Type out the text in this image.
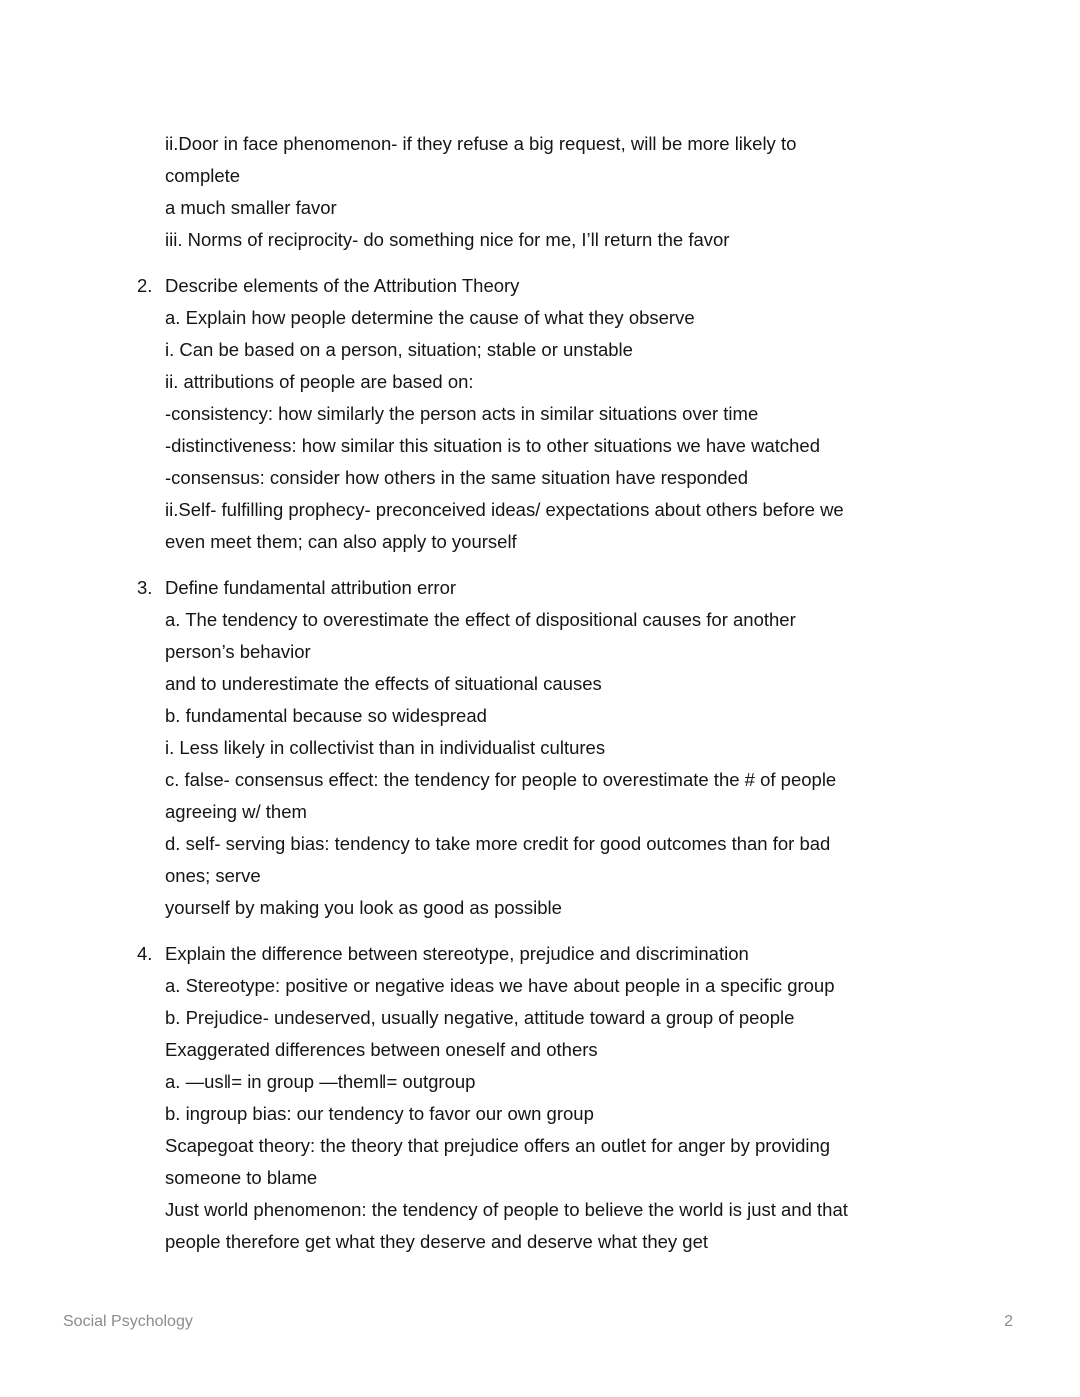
ii.Door in face phenomenon- if they refuse a big request, will be more likely to
complete
a much smaller favor
iii. Norms of reciprocity- do something nice for me, I’ll return the favor
2. Describe elements of the Attribution Theory
a. Explain how people determine the cause of what they observe
i. Can be based on a person, situation; stable or unstable
ii. attributions of people are based on:
-consistency: how similarly the person acts in similar situations over time
-distinctiveness: how similar this situation is to other situations we have watched
-consensus: consider how others in the same situation have responded
ii.Self- fulfilling prophecy- preconceived ideas/ expectations about others before we
even meet them; can also apply to yourself
3. Define fundamental attribution error
a. The tendency to overestimate the effect of dispositional causes for another
person’s behavior
and to underestimate the effects of situational causes
b. fundamental because so widespread
i. Less likely in collectivist than in individualist cultures
c. false- consensus effect: the tendency for people to overestimate the # of people
agreeing w/ them
d. self- serving bias: tendency to take more credit for good outcomes than for bad
ones; serve
yourself by making you look as good as possible
4. Explain the difference between stereotype, prejudice and discrimination
a. Stereotype: positive or negative ideas we have about people in a specific group
b. Prejudice- undeserved, usually negative, attitude toward a group of people
Exaggerated differences between oneself and others
a. —usǁ= in group —themǁ= outgroup
b. ingroup bias: our tendency to favor our own group
Scapegoat theory: the theory that prejudice offers an outlet for anger by providing
someone to blame
Just world phenomenon: the tendency of people to believe the world is just and that
people therefore get what they deserve and deserve what they get
Social Psychology	2
